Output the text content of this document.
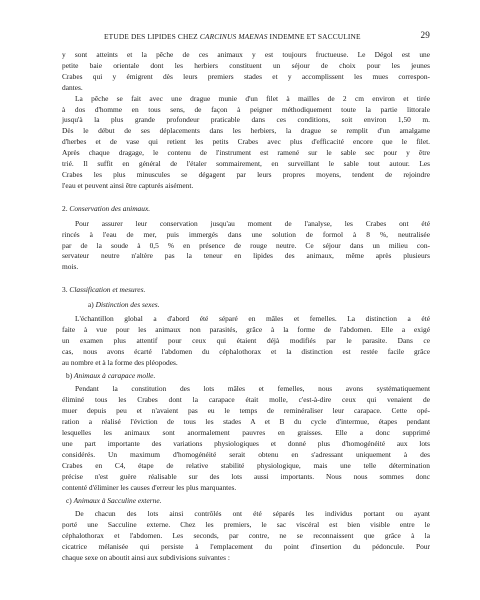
ETUDE DES LIPIDES CHEZ CARCINUS MAENAS INDEMNE ET SACCULINE	29
y sont atteints et la pêche de ces animaux y est toujours fructueuse. Le Dégol est une
petite baie orientale dont les herbiers constituent un séjour de choix pour les jeunes
Crabes qui y émigrent dès leurs premiers stades et y accomplissent les mues correspon-
dantes.
La pêche se fait avec une drague munie d'un filet à mailles de 2 cm environ et tirée
à dos d'homme en tous sens, de façon à peigner méthodiquement toute la partie littorale
jusqu'à la plus grande profondeur praticable dans ces conditions, soit environ 1,50 m.
Dès le début de ses déplacements dans les herbiers, la drague se remplit d'un amalgame
d'herbes et de vase qui retient les petits Crabes avec plus d'efficacité encore que le filet.
Après chaque dragage, le contenu de l'instrument est ramené sur le sable sec pour y être
trié. Il suffit en général de l'étaler sommairement, en surveillant le sable tout autour. Les
Crabes les plus minuscules se dégagent par leurs propres moyens, tendent de rejoindre
l'eau et peuvent ainsi être capturés aisément.
2. Conservation des animaux.
Pour assurer leur conservation jusqu'au moment de l'analyse, les Crabes ont été
rincés à l'eau de mer, puis immergés dans une solution de formol à 8 %, neutralisée
par de la soude à 0,5 % en présence de rouge neutre. Ce séjour dans un milieu con-
servateur neutre n'altère pas la teneur en lipides des animaux, même après plusieurs
mois.
3. Classification et mesures.
a) Distinction des sexes.
L'échantillon global a d'abord été séparé en mâles et femelles. La distinction a été
faite à vue pour les animaux non parasités, grâce à la forme de l'abdomen. Elle a exigé
un examen plus attentif pour ceux qui étaient déjà modifiés par le parasite. Dans ce
cas, nous avons écarté l'abdomen du céphalothorax et la distinction est restée facile grâce
au nombre et à la forme des pléopodes.
b) Animaux à carapace molle.
Pendant la constitution des lots mâles et femelles, nous avons systématiquement
éliminé tous les Crabes dont la carapace était molle, c'est-à-dire ceux qui venaient de
muer depuis peu et n'avaient pas eu le temps de reminéraliser leur carapace. Cette opé-
ration a réalisé l'éviction de tous les stades A et B du cycle d'intermue, étapes pendant
lesquelles les animaux sont anormalement pauvres en graisses. Elle a donc supprimé
une part importante des variations physiologiques et donné plus d'homogénéité aux lots
considérés. Un maximum d'homogénéité serait obtenu en s'adressant uniquement à des
Crabes en C4, étape de relative stabilité physiologique, mais une telle détermination
précise n'est guère réalisable sur des lots aussi importants. Nous nous sommes donc
contenté d'éliminer les causes d'erreur les plus marquantes.
c) Animaux à Sacculine externe.
De chacun des lots ainsi contrôlés ont été séparés les individus portant ou ayant
porté une Sacculine externe. Chez les premiers, le sac viscéral est bien visible entre le
céphalothorax et l'abdomen. Les seconds, par contre, ne se reconnaissent que grâce à la
cicatrice mélanisée qui persiste à l'emplacement du point d'insertion du pédoncule. Pour
chaque sexe on aboutit ainsi aux subdivisions suivantes :
